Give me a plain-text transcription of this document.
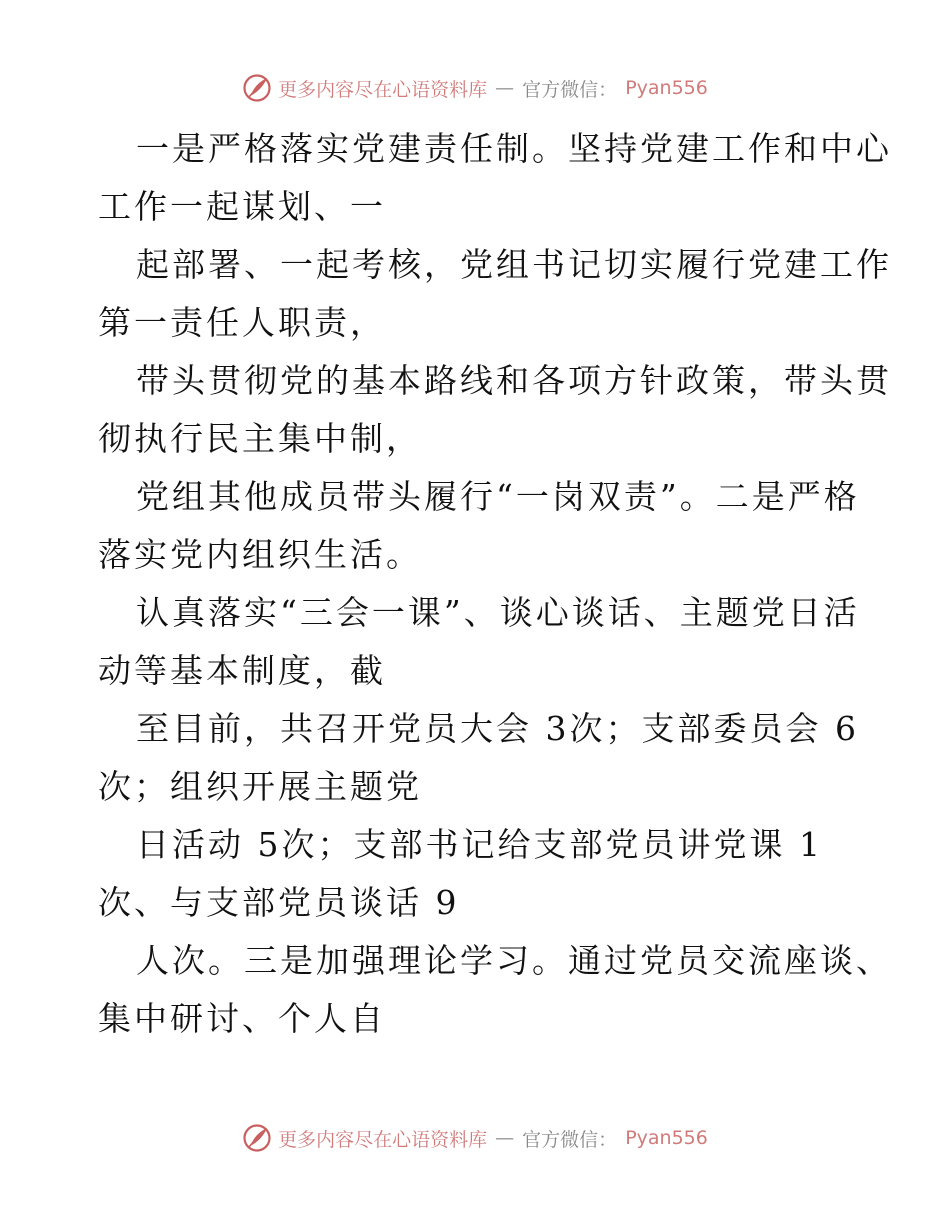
更多内容尽在心语资料库 — 官方微信： Pyan556
一是严格落实党建责任制。坚持党建工作和中心
工作一起谋划、一
起部署、一起考核，党组书记切实履行党建工作
第一责任人职责，
带头贯彻党的基本路线和各项方针政策，带头贯
彻执行民主集中制，
党组其他成员带头履行“一岗双责”。二是严格
落实党内组织生活。
认真落实“三会一课”、谈心谈话、主题党日活
动等基本制度，截
至目前，共召开党员大会 3次；支部委员会 6
次；组织开展主题党
日活动 5次；支部书记给支部党员讲党课 1
次、与支部党员谈话 9
人次。三是加强理论学习。通过党员交流座谈、
集中研讨、个人自
更多内容尽在心语资料库 — 官方微信： Pyan556
